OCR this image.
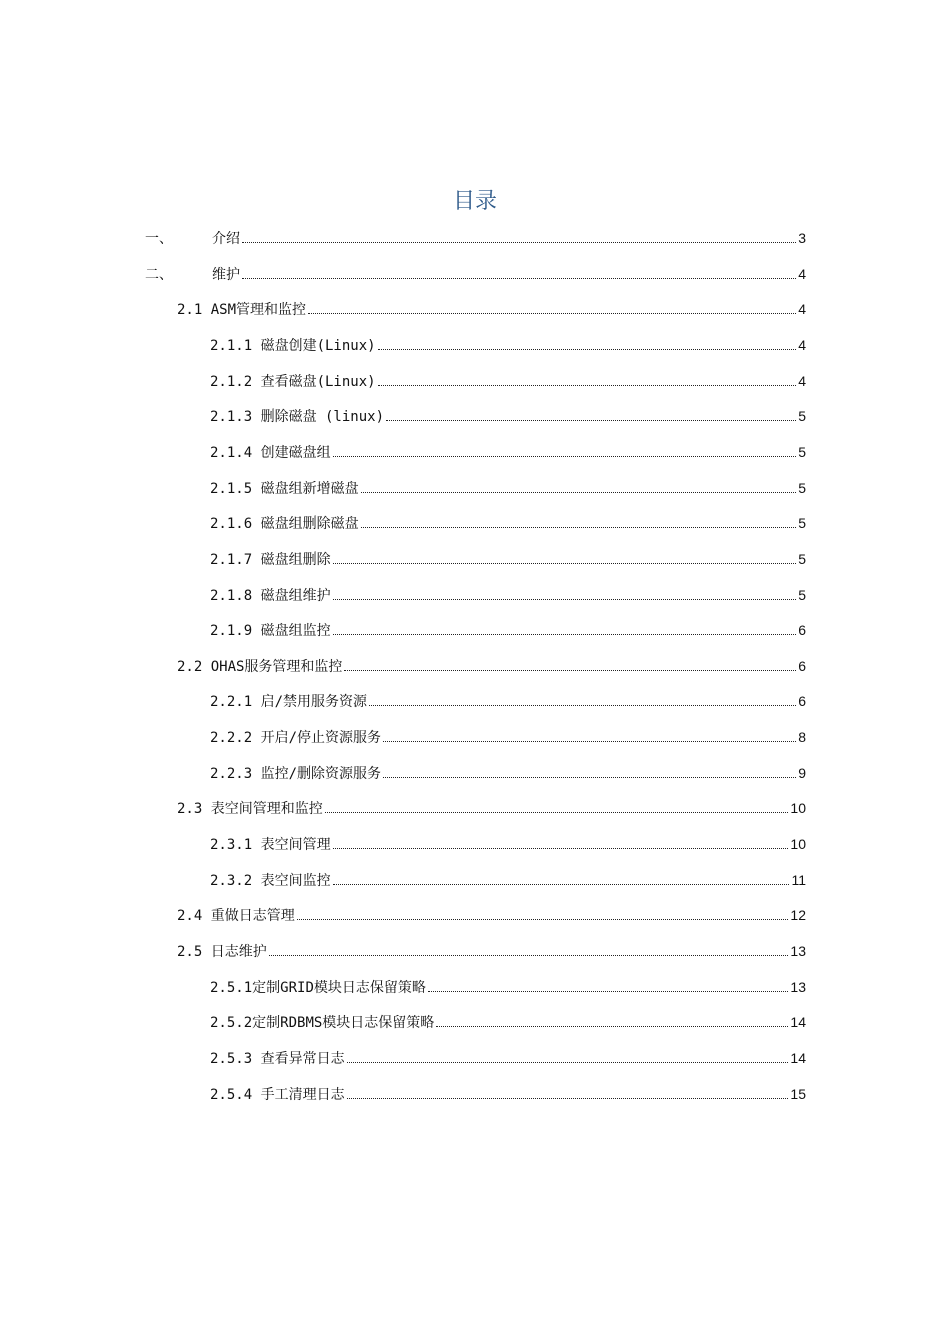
目录
一、	介绍	3
二、	维护	4
2.1 ASM管理和监控	4
2.1.1 磁盘创建(Linux)	4
2.1.2 查看磁盘(Linux)	4
2.1.3 删除磁盘 (linux)	5
2.1.4 创建磁盘组	5
2.1.5 磁盘组新增磁盘	5
2.1.6 磁盘组删除磁盘	5
2.1.7 磁盘组删除	5
2.1.8 磁盘组维护	5
2.1.9 磁盘组监控	6
2.2 OHAS服务管理和监控	6
2.2.1 启/禁用服务资源	6
2.2.2 开启/停止资源服务	8
2.2.3 监控/删除资源服务	9
2.3 表空间管理和监控	10
2.3.1 表空间管理	10
2.3.2 表空间监控	11
2.4 重做日志管理	12
2.5 日志维护	13
2.5.1 定制GRID模块日志保留策略	13
2.5.2 定制RDBMS模块日志保留策略	14
2.5.3 查看异常日志	14
2.5.4 手工清理日志	15
